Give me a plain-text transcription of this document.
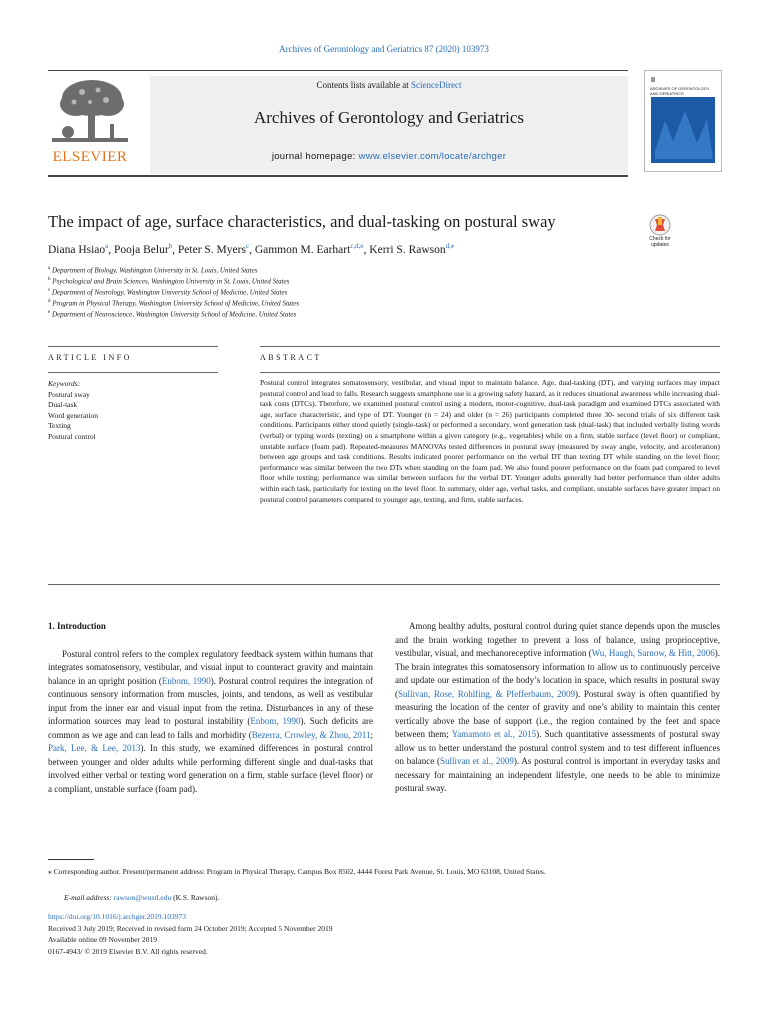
Archives of Gerontology and Geriatrics 87 (2020) 103973
ELSEVIER
Contents lists available at ScienceDirect
Archives of Gerontology and Geriatrics
journal homepage: www.elsevier.com/locate/archger
ARCHIVES OF GERONTOLOGY AND GERIATRICS
The impact of age, surface characteristics, and dual-tasking on postural sway
Check for updates
Diana Hsiao$^a$, Pooja Belur$^b$, Peter S. Myers$^c$, Gammon M. Earhart$^{c,d,e}$, Kerri S. Rawson$^{d,⁎}$
$^a$ Department of Biology, Washington University in St. Louis, United States
$^b$ Psychological and Brain Sciences, Washington University in St. Louis, United States
$^c$ Department of Neurology, Washington University School of Medicine, United States
$^d$ Program in Physical Therapy, Washington University School of Medicine, United States
$^e$ Department of Neuroscience, Washington University School of Medicine, United States
ARTICLE INFO	ABSTRACT
Keywords:
Postural sway
Dual-task
Word generation
Texting
Postural control
Postural control integrates somatosensory, vestibular, and visual input to maintain balance. Age, dual-tasking (DT), and varying surfaces may impact postural control and lead to falls. Research suggests smartphone use is a growing safety hazard, as it reduces situational awareness while increasing dual-task costs (DTCs). Therefore, we examined postural control using a modern, motor-cognitive, dual-task paradigm and examined DTCs associated with age, surface characteristic, and type of DT. Younger (n = 24) and older (n = 26) participants completed three 30- second trials of six different task conditions. Participants either stood quietly (single-task) or performed a secondary, word generation task (dual-task) that included verbally listing words (verbal) or typing words (texting) on a smartphone within a given category (e.g., vegetables) while on a firm, stable surface (level floor) or compliant, unstable surface (foam pad). Repeated-measures MANOVAs tested differences in postural sway (measured by sway angle, velocity, and acceleration) between age groups and task conditions. Results indicated poorer performance on the verbal DT than texting DT while standing on the level floor; performance was similar between the two DTs when standing on the foam pad. We also found poorer performance on the foam pad compared to level floor while texting; performance was similar between surfaces for the verbal DT. Younger adults generally had better performance than older adults within each task, particularly for texting on the level floor. In summary, older age, verbal tasks, and compliant, unstable surfaces have greater impact on postural control parameters compared to younger age, texting, and firm, stable surfaces.
1. Introduction

Postural control refers to the complex regulatory feedback system within humans that integrates somatosensory, vestibular, and visual input to counteract gravity and maintain balance in an upright position (Enbom, 1990). Postural control requires the integration of continuous sensory information from muscles, joints, and tendons, as well as vestibular input from the inner ear and visual input from the retina. Disturbances in any of these information sources may lead to postural instability (Enbom, 1990). Such deficits are common as we age and can lead to falls and morbidity (Bezerra, Crowley, & Zhou, 2011; Park, Lee, & Lee, 2013). In this study, we examined differences in postural control between younger and older adults while performing different single and dual-tasks that involved either verbal or texting word generation on a firm, stable surface (level floor) or a compliant, unstable surface (foam pad).

Among healthy adults, postural control during quiet stance depends upon the muscles and the brain working together to prevent a loss of balance, using proprioceptive, vestibular, visual, and mechanoreceptive information (Wu, Haugh, Sarnow, & Hitt, 2006). The brain integrates this somatosensory information to allow us to continuously perceive and update our estimation of the body’s location in space, which results in postural sway (Sullivan, Rose, Rohlfing, & Pfefferbaum, 2009). Postural sway is often quantified by measuring the location of the center of gravity and one’s ability to maintain this center vertically above the base of support (i.e., the region contained by the feet and space between them; Yamamoto et al., 2015). Such quantitative assessments of postural sway allow us to better understand the postural control system and to test different influences on balance (Sullivan et al., 2009). As postural control is important in everyday tasks and necessary for maintaining an independent lifestyle, one needs to be able to minimize postural sway.

⁎ Corresponding author. Present/permanent address: Program in Physical Therapy, Campus Box 8502, 4444 Forest Park Avenue, St. Louis, MO 63108, United States.
E-mail address: rawson@wustl.edu (K.S. Rawson).
https://doi.org/10.1016/j.archger.2019.103973
Received 3 July 2019; Received in revised form 24 October 2019; Accepted 5 November 2019
Available online 09 November 2019
0167-4943/ © 2019 Elsevier B.V. All rights reserved.
